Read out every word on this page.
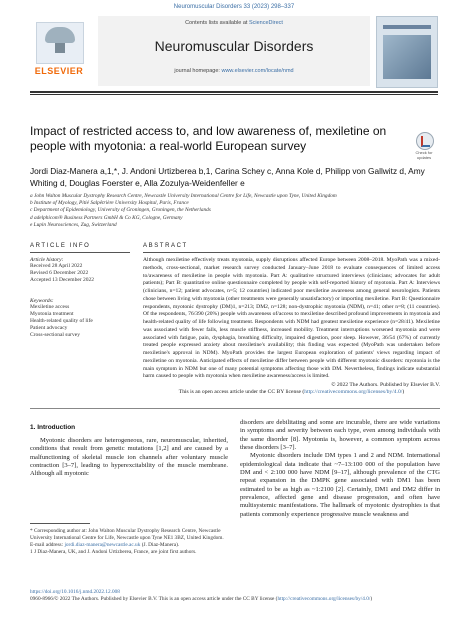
Neuromuscular Disorders 33 (2023) 298–337
ELSEVIER
Contents lists available at ScienceDirect
Neuromuscular Disorders
journal homepage: www.elsevier.com/locate/nmd
Impact of restricted access to, and low awareness of, mexiletine on people with myotonia: a real-world European survey	Check for updates
Jordi Diaz-Manera a,1,*, J. Andoni Urtizberea b,1, Carina Schey c, Anna Kole d, Philipp von Gallwitz d, Amy Whiting d, Douglas Foerster e, Alla Zozulya-Weidenfeller e
a John Walton Muscular Dystrophy Research Centre, Newcastle University International Centre for Life, Newcastle upon Tyne, United Kingdom
b Institute of Myology, Pitié Salpêtrière University Hospital, Paris, France
c Department of Epidemiology, University of Groningen, Groningen, the Netherlands
d adelphicom® Business Partners GmbH & Co KG, Cologne, Germany
e Lupin Neurosciences, Zug, Switzerland
ARTICLE INFO
Article history:
Received 28 April 2022
Revised 6 December 2022
Accepted 13 December 2022
Keywords:
Mexiletine access
Myotonia treatment
Health-related quality of life
Patient advocacy
Cross-sectional survey
ABSTRACT
Although mexiletine effectively treats myotonia, supply disruptions affected Europe between 2008–2018. MyoPath was a mixed-methods, cross-sectional, market research survey conducted January–June 2018 to evaluate consequences of limited access to/awareness of mexiletine in people with myotonia. Part A: qualitative structured interviews (clinicians; advocates for adult patients); Part B: quantitative online questionnaire completed by people with self-reported history of myotonia. Part A: Interviews (clinicians, n=12; patient advocates, n=5; 12 countries) indicated poor mexiletine awareness among general neurologists. Patients chose between living with myotonia (other treatments were generally unsatisfactory) or importing mexiletine. Part B: Questionnaire respondents, myotonic dystrophy (DM)1, n=213; DM2, n=128; non-dystrophic myotonia (NDM), n=41; other n=8; (11 countries). Of the respondents, 76/390 (20%) people with awareness of/access to mexiletine described profound improvements in myotonia and health-related quality of life following treatment. Respondents with NDM had greatest mexiletine experience (n=28/41). Mexiletine was associated with fewer falls, less muscle stiffness, increased mobility. Treatment interruptions worsened myotonia and were associated with fatigue, pain, dysphagia, breathing difficulty, impaired digestion, poor sleep. However, 36/54 (67%) of currently treated people expressed anxiety about mexiletine's availability; this finding was expected (MyoPath was undertaken before mexiletine's approval in NDM). MyoPath provides the largest European exploration of patients' views regarding impact of mexiletine on myotonia. Anticipated effects of mexiletine differ between people with different myotonic disorders: myotonia is the main symptom in NDM but one of many potential symptoms affecting those with DM. Nevertheless, findings indicate substantial harm caused to people with myotonia when mexiletine awareness/access is limited.
© 2022 The Authors. Published by Elsevier B.V.
This is an open access article under the CC BY license (http://creativecommons.org/licenses/by/4.0/)
1. Introduction
Myotonic disorders are heterogeneous, rare, neuromuscular, inherited, conditions that result from genetic mutations [1,2] and are caused by a malfunctioning of skeletal muscle ion channels after voluntary muscle contraction [3–7], leading to hyperexcitability of the muscle membrane. Although all myotonic
disorders are debilitating and some are incurable, there are wide variations in symptoms and severity between each type, even among individuals with the same disorder [8]. Myotonia is, however, a common symptom across these disorders [3–7].
Myotonic disorders include DM types 1 and 2 and NDM. International epidemiological data indicate that ~7–13:100 000 of the population have DM and < 2:100 000 have NDM [9–17], although prevalence of the CTG repeat expansion in the DMPK gene associated with DM1 has been estimated to be as high as ~1:2100 [2]. Certainly, DM1 and DM2 differ in prevalence, affected gene and disease progression, and often have multisystemic manifestations. The hallmark of myotonic dystrophies is that patients commonly experience progressive muscle weakness and
* Corresponding author at: John Walton Muscular Dystrophy Research Centre, Newcastle University International Centre for Life, Newcastle upon Tyne NE1 3BZ, United Kingdom.
E-mail address: jordi.diaz-manera@newcastle.ac.uk (J. Diaz-Manera).
1 J Diaz-Manera, UK, and J. Andoni Urtizberea, France, are joint first authors.
https://doi.org/10.1016/j.nmd.2022.12.008
0960-8966/© 2022 The Authors. Published by Elsevier B.V. This is an open access article under the CC BY license (http://creativecommons.org/licenses/by/4.0/)
